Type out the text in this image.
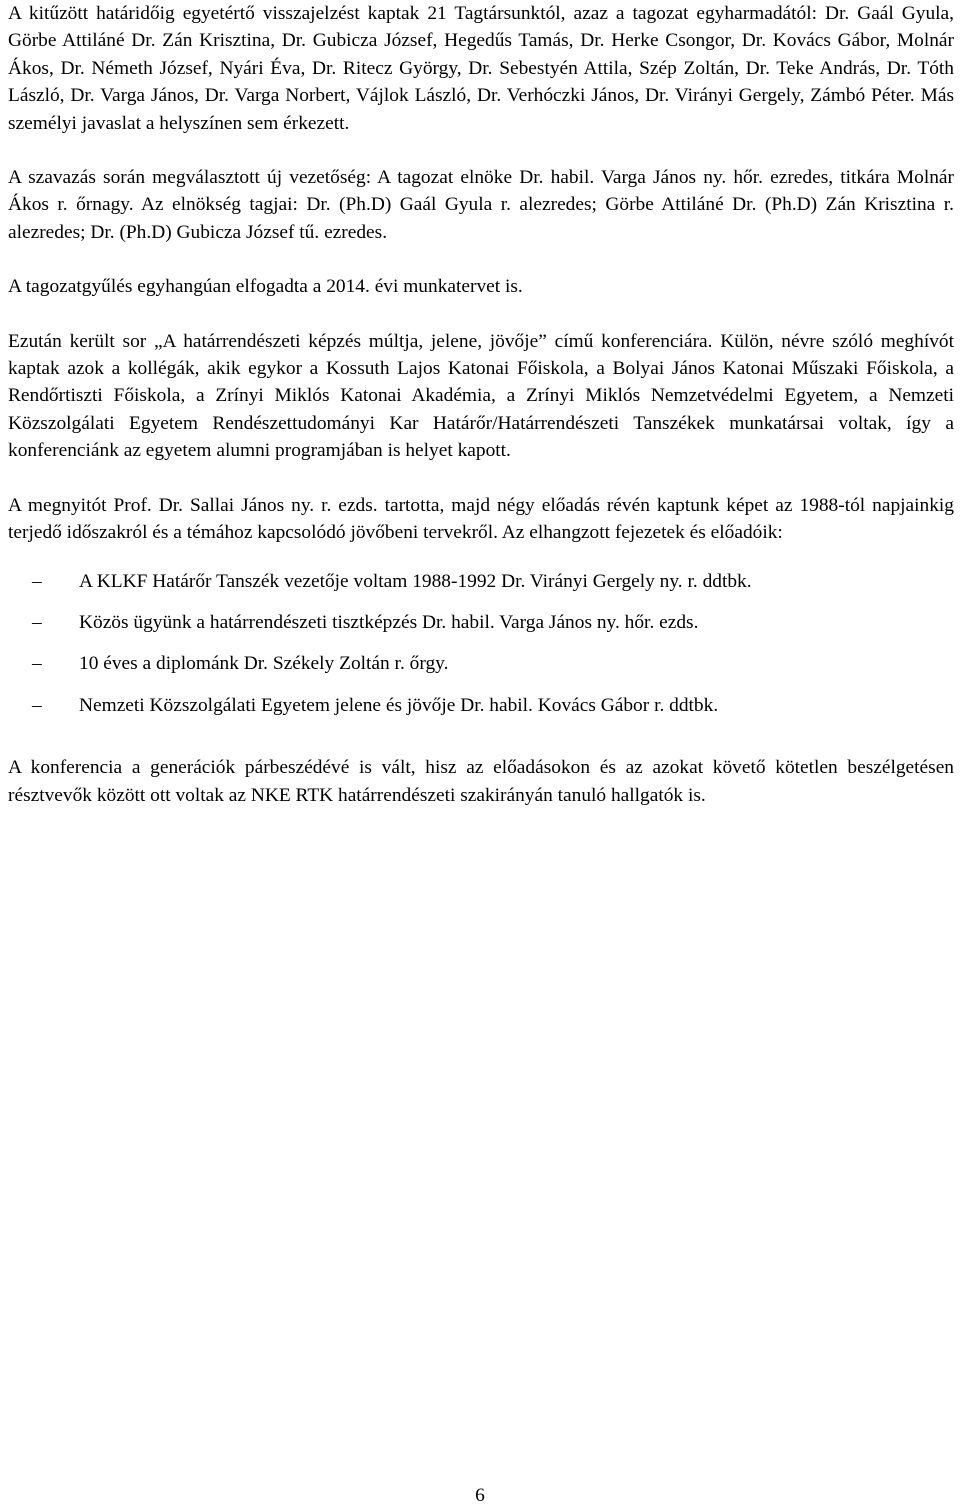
A kitűzött határidőig egyetértő visszajelzést kaptak 21 Tagtársunktól, azaz a tagozat egyharmadától: Dr. Gaál Gyula, Görbe Attiláné Dr. Zán Krisztina, Dr. Gubicza József, Hegedűs Tamás, Dr. Herke Csongor, Dr. Kovács Gábor, Molnár Ákos, Dr. Németh József, Nyári Éva, Dr. Ritecz György, Dr. Sebestyén Attila, Szép Zoltán, Dr. Teke András, Dr. Tóth László, Dr. Varga János, Dr. Varga Norbert, Vájlok László, Dr. Verhóczki János, Dr. Virányi Gergely, Zámbó Péter. Más személyi javaslat a helyszínen sem érkezett.

A szavazás során megválasztott új vezetőség: A tagozat elnöke Dr. habil. Varga János ny. hőr. ezredes, titkára Molnár Ákos r. őrnagy. Az elnökség tagjai: Dr. (Ph.D) Gaál Gyula r. alezredes; Görbe Attiláné Dr. (Ph.D) Zán Krisztina r. alezredes; Dr. (Ph.D) Gubicza József tű. ezredes.

A tagozatgyűlés egyhangúan elfogadta a 2014. évi munkatervet is.

Ezután került sor „A határrendészeti képzés múltja, jelene, jövője” című konferenciára. Külön, névre szóló meghívót kaptak azok a kollégák, akik egykor a Kossuth Lajos Katonai Főiskola, a Bolyai János Katonai Műszaki Főiskola, a Rendőrtiszti Főiskola, a Zrínyi Miklós Katonai Akadémia, a Zrínyi Miklós Nemzetvédelmi Egyetem, a Nemzeti Közszolgálati Egyetem Rendészettudományi Kar Határőr/Határrendészeti Tanszékek munkatársai voltak, így a konferenciánk az egyetem alumni programjában is helyet kapott.

A megnyitót Prof. Dr. Sallai János ny. r. ezds. tartotta, majd négy előadás révén kaptunk képet az 1988-tól napjainkig terjedő időszakról és a témához kapcsolódó jövőbeni tervekről. Az elhangzott fejezetek és előadóik:

–	A KLKF Határőr Tanszék vezetője voltam 1988-1992 Dr. Virányi Gergely ny. r. ddtbk.
–	Közös ügyünk a határrendészeti tisztképzés Dr. habil. Varga János ny. hőr. ezds.
–	10 éves a diplománk Dr. Székely Zoltán r. őrgy.
–	Nemzeti Közszolgálati Egyetem jelene és jövője Dr. habil. Kovács Gábor r. ddtbk.

A konferencia a generációk párbeszédévé is vált, hisz az előadásokon és az azokat követő kötetlen beszélgetésen résztvevők között ott voltak az NKE RTK határrendészeti szakirányán tanuló hallgatók is.

6
